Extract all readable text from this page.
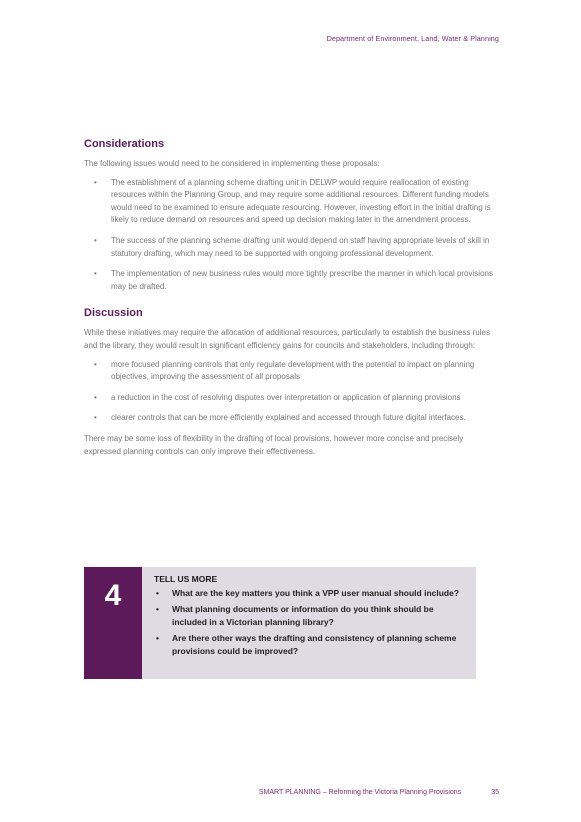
Department of Environment, Land, Water & Planning
Considerations

The following issues would need to be considered in implementing these proposals:

• The establishment of a planning scheme drafting unit in DELWP would require reallocation of existing resources within the Planning Group, and may require some additional resources. Different funding models would need to be examined to ensure adequate resourcing. However, investing effort in the initial drafting is likely to reduce demand on resources and speed up decision making later in the amendment process.
• The success of the planning scheme drafting unit would depend on staff having appropriate levels of skill in statutory drafting, which may need to be supported with ongoing professional development.
• The implementation of new business rules would more tightly prescribe the manner in which local provisions may be drafted.
Discussion

While these initiatives may require the allocation of additional resources, particularly to establish the business rules and the library, they would result in significant efficiency gains for councils and stakeholders, including through:

• more focused planning controls that only regulate development with the potential to impact on planning objectives, improving the assessment of all proposals
• a reduction in the cost of resolving disputes over interpretation or application of planning provisions
• clearer controls that can be more efficiently explained and accessed through future digital interfaces.

There may be some loss of flexibility in the drafting of local provisions, however more concise and precisely expressed planning controls can only improve their effectiveness.

4	TELL US MORE
• What are the key matters you think a VPP user manual should include?
• What planning documents or information do you think should be included in a Victorian planning library?
• Are there other ways the drafting and consistency of planning scheme provisions could be improved?
SMART PLANNING – Reforming the Victoria Planning Provisions	35
